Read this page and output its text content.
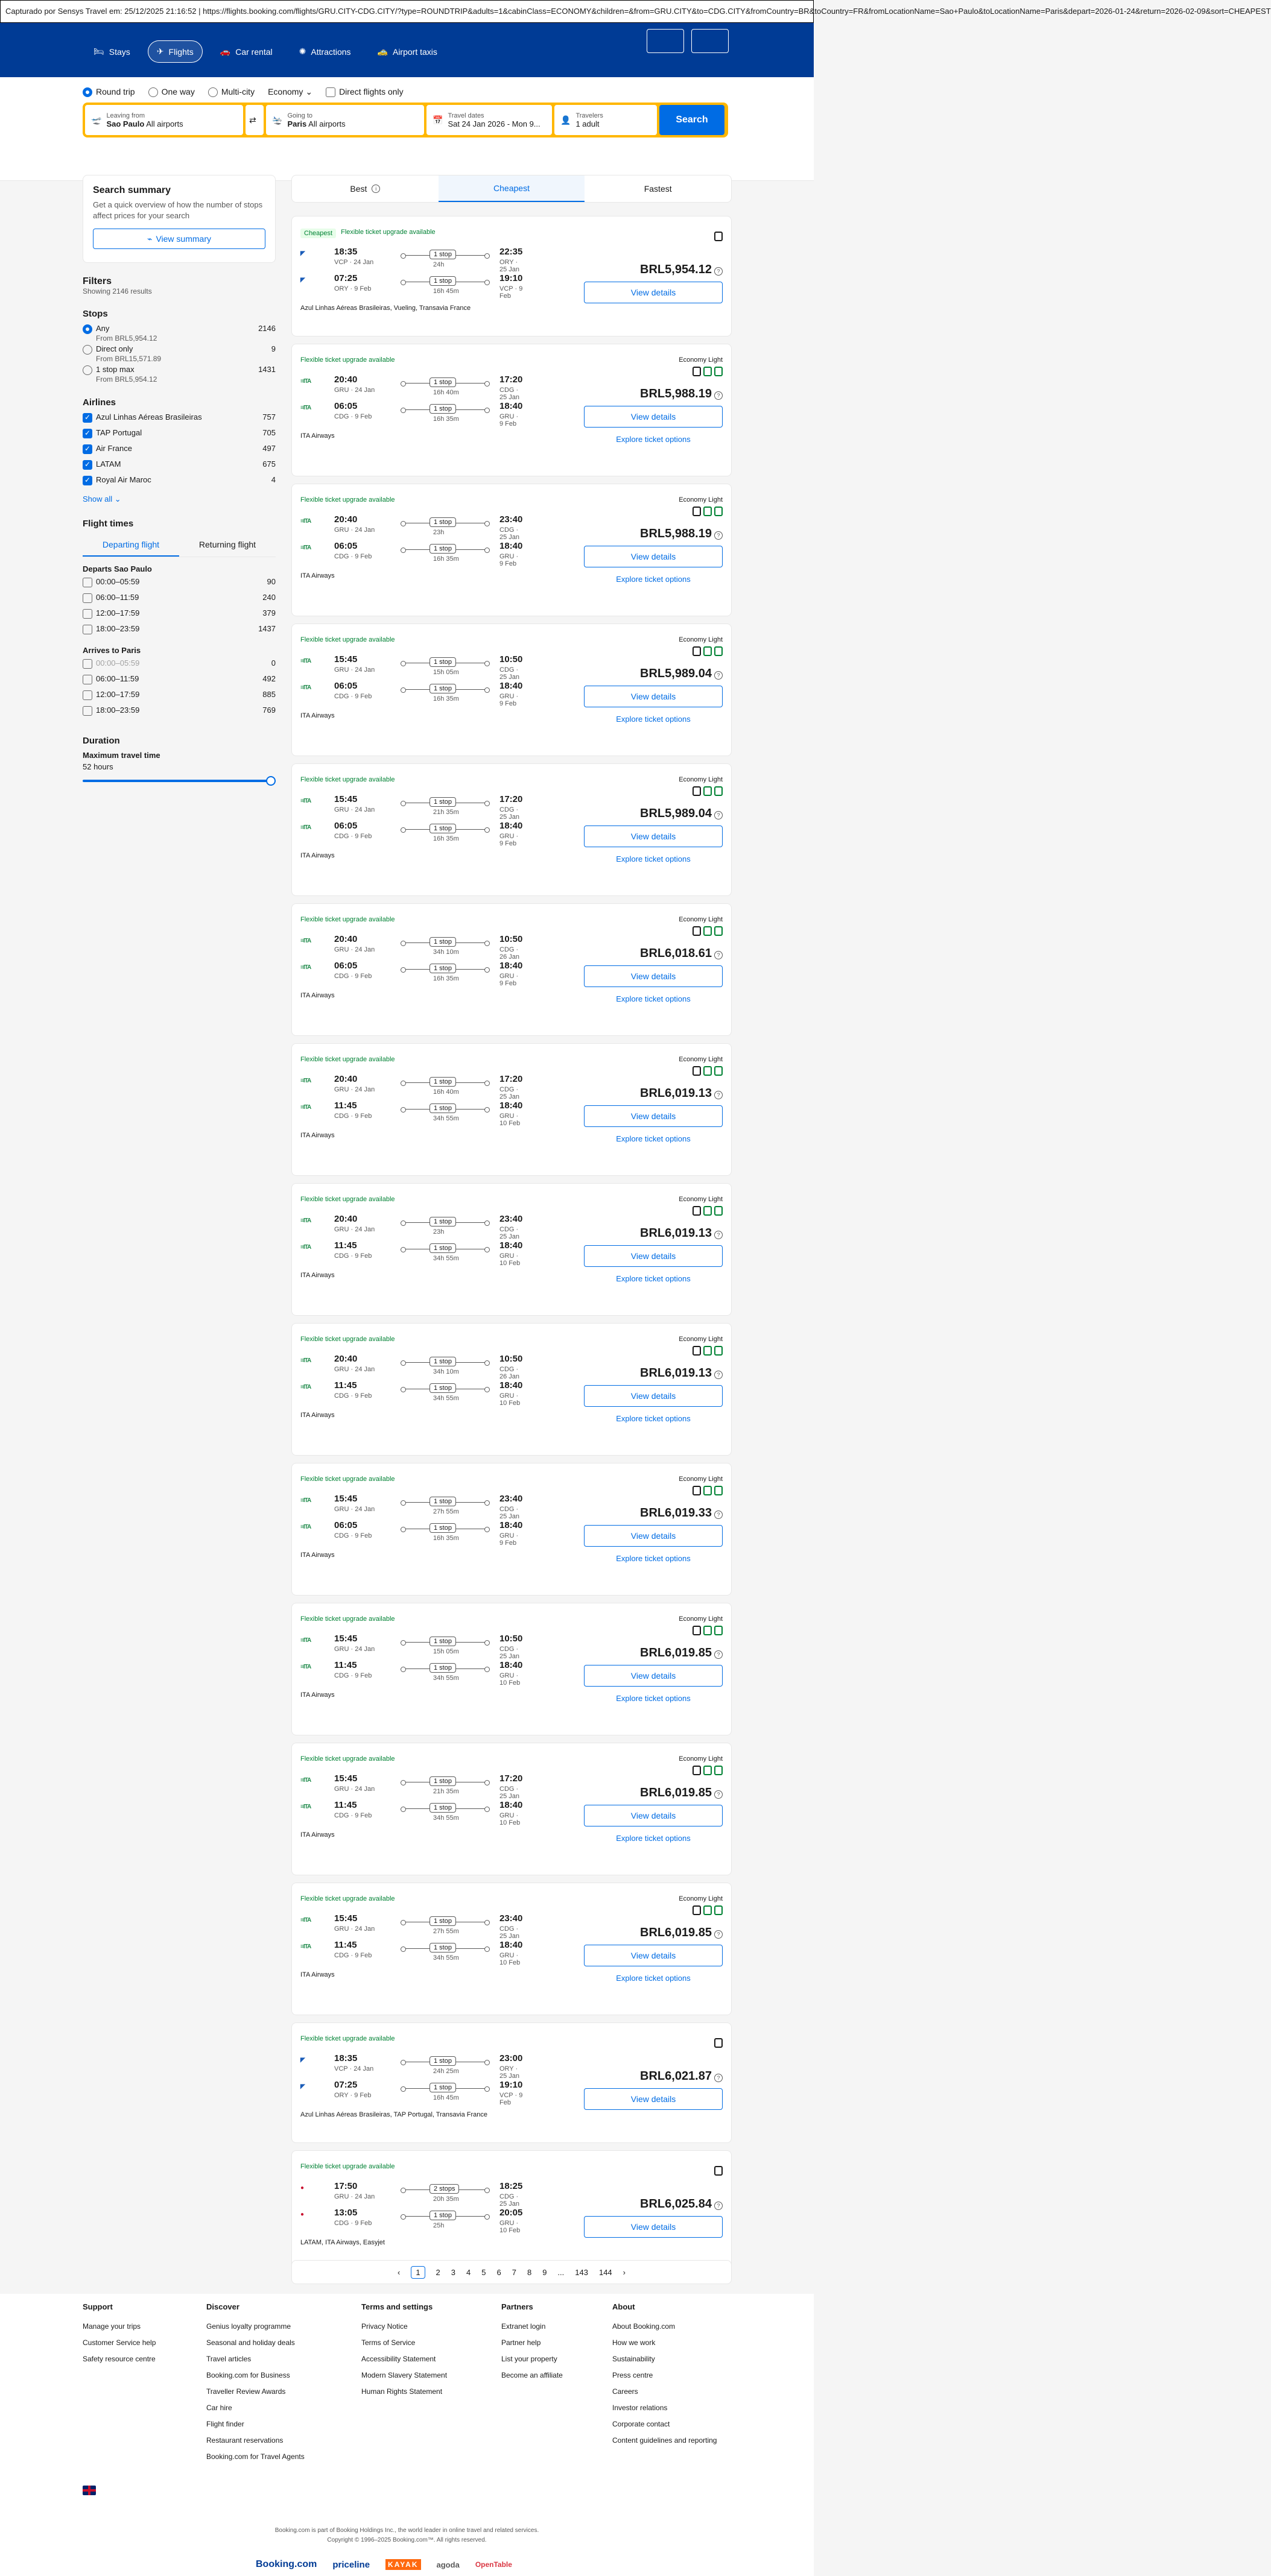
Capturado por Sensys Travel em: 25/12/2025 21:16:52 | https://flights.booking.com/flights/GRU.CITY-CDG.CITY/?type=ROUNDTRIP&adults=1&cabinClass=ECONOMY&children=&from=GRU.CITY&to=CDG.CITY&fromCountry=BR&toCountry=FR&fromLocationName=Sao+Paulo&toLocationName=Paris&depart=2026-01-24&return=2026-02-09&sort=CHEAPEST
🛏 Stays	✈ Flights	🚗 Car rental	✺ Attractions	🚕 Airport taxis
Round trip	One way	Multi-city Economy ⌄	Direct flights only
🛫 Leaving from
Sao Paulo All airports	⇄ 🛬 Going to
Paris All airports	📅 Travel dates
Sat 24 Jan 2026 - Mon 9... 👤 Travelers
1 adult	Search
Search summary

Get a quick overview of how the number of stops affect prices for your search

⌁ View summary
Filters
Showing 2146 results
Stops
Any
From BRL5,954.12
2146
Direct only
From BRL15,571.89
9
1 stop max
From BRL5,954.12
1431
Airlines
✓Azul Linhas Aéreas Brasileiras	757
✓TAP Portugal	705
✓Air France	497
✓LATAM	675
✓Royal Air Maroc	4
Show all ⌄
Flight times
Departing flight	Returning flight
Departs Sao Paulo
00:00–05:59	90
06:00–11:59	240
12:00–17:59	379
18:00–23:59	1437
Arrives to Paris
00:00–05:59	0
06:00–11:59	492
12:00–17:59	885
18:00–23:59	769
Duration
Maximum travel time
52 hours
Best
	i	Cheapest	Fastest
Cheapest	Flexible ticket upgrade available
◤	18:35
VCP · 24 Jan
1 stop
24h
22:35
ORY · 25 Jan
◤	07:25
ORY · 9 Feb
1 stop
16h 45m
19:10
VCP · 9 Feb
Azul Linhas Aéreas Brasileiras, Vueling, Transavia France
BRL5,954.12 ?
View details
Flexible ticket upgrade available
≡ITA	20:40
GRU · 24 Jan
1 stop
16h 40m
17:20
CDG · 25 Jan
≡ITA	06:05
CDG · 9 Feb
1 stop
16h 35m
18:40
GRU · 9 Feb
ITA Airways
Economy Light
BRL5,988.19 ?
View details
Explore ticket options
Flexible ticket upgrade available
≡ITA	20:40
GRU · 24 Jan
1 stop
23h
23:40
CDG · 25 Jan
≡ITA	06:05
CDG · 9 Feb
1 stop
16h 35m
18:40
GRU · 9 Feb
ITA Airways
Economy Light
BRL5,988.19 ?
View details
Explore ticket options
Flexible ticket upgrade available
≡ITA	15:45
GRU · 24 Jan
1 stop
15h 05m
10:50
CDG · 25 Jan
≡ITA	06:05
CDG · 9 Feb
1 stop
16h 35m
18:40
GRU · 9 Feb
ITA Airways
Economy Light
BRL5,989.04 ?
View details
Explore ticket options
Flexible ticket upgrade available
≡ITA	15:45
GRU · 24 Jan
1 stop
21h 35m
17:20
CDG · 25 Jan
≡ITA	06:05
CDG · 9 Feb
1 stop
16h 35m
18:40
GRU · 9 Feb
ITA Airways
Economy Light
BRL5,989.04 ?
View details
Explore ticket options
Flexible ticket upgrade available
≡ITA	20:40
GRU · 24 Jan
1 stop
34h 10m
10:50
CDG · 26 Jan
≡ITA	06:05
CDG · 9 Feb
1 stop
16h 35m
18:40
GRU · 9 Feb
ITA Airways
Economy Light
BRL6,018.61 ?
View details
Explore ticket options
Flexible ticket upgrade available
≡ITA	20:40
GRU · 24 Jan
1 stop
16h 40m
17:20
CDG · 25 Jan
≡ITA	11:45
CDG · 9 Feb
1 stop
34h 55m
18:40
GRU · 10 Feb
ITA Airways
Economy Light
BRL6,019.13 ?
View details
Explore ticket options
Flexible ticket upgrade available
≡ITA	20:40
GRU · 24 Jan
1 stop
23h
23:40
CDG · 25 Jan
≡ITA	11:45
CDG · 9 Feb
1 stop
34h 55m
18:40
GRU · 10 Feb
ITA Airways
Economy Light
BRL6,019.13 ?
View details
Explore ticket options
Flexible ticket upgrade available
≡ITA	20:40
GRU · 24 Jan
1 stop
34h 10m
10:50
CDG · 26 Jan
≡ITA	11:45
CDG · 9 Feb
1 stop
34h 55m
18:40
GRU · 10 Feb
ITA Airways
Economy Light
BRL6,019.13 ?
View details
Explore ticket options
Flexible ticket upgrade available
≡ITA	15:45
GRU · 24 Jan
1 stop
27h 55m
23:40
CDG · 25 Jan
≡ITA	06:05
CDG · 9 Feb
1 stop
16h 35m
18:40
GRU · 9 Feb
ITA Airways
Economy Light
BRL6,019.33 ?
View details
Explore ticket options
Flexible ticket upgrade available
≡ITA	15:45
GRU · 24 Jan
1 stop
15h 05m
10:50
CDG · 25 Jan
≡ITA	11:45
CDG · 9 Feb
1 stop
34h 55m
18:40
GRU · 10 Feb
ITA Airways
Economy Light
BRL6,019.85 ?
View details
Explore ticket options
Flexible ticket upgrade available
≡ITA	15:45
GRU · 24 Jan
1 stop
21h 35m
17:20
CDG · 25 Jan
≡ITA	11:45
CDG · 9 Feb
1 stop
34h 55m
18:40
GRU · 10 Feb
ITA Airways
Economy Light
BRL6,019.85 ?
View details
Explore ticket options
Flexible ticket upgrade available
≡ITA	15:45
GRU · 24 Jan
1 stop
27h 55m
23:40
CDG · 25 Jan
≡ITA	11:45
CDG · 9 Feb
1 stop
34h 55m
18:40
GRU · 10 Feb
ITA Airways
Economy Light
BRL6,019.85 ?
View details
Explore ticket options
Flexible ticket upgrade available
◤	18:35
VCP · 24 Jan
1 stop
24h 25m
23:00
ORY · 25 Jan
◤	07:25
ORY · 9 Feb
1 stop
16h 45m
19:10
VCP · 9 Feb
Azul Linhas Aéreas Brasileiras, TAP Portugal, Transavia France
BRL6,021.87 ?
View details
Flexible ticket upgrade available
●	17:50
GRU · 24 Jan
2 stops
20h 35m
18:25
CDG · 25 Jan
●	13:05
CDG · 9 Feb
1 stop
25h
20:05
GRU · 10 Feb
LATAM, ITA Airways, Easyjet
BRL6,025.84 ?
View details
‹	1	2 3 4 5 6 7 8 9 ... 143 144 ›
Support
Manage your trips
Customer Service help
Safety resource centre
Discover
Genius loyalty programme
Seasonal and holiday deals
Travel articles
Booking.com for Business
Traveller Review Awards
Car hire
Flight finder
Restaurant reservations
Booking.com for Travel Agents
Terms and settings
Privacy Notice
Terms of Service
Accessibility Statement
Modern Slavery Statement
Human Rights Statement
Partners
Extranet login
Partner help
List your property
Become an affiliate
About
About Booking.com
How we work
Sustainability
Press centre
Careers
Investor relations
Corporate contact
Content guidelines and reporting
Booking.com is part of Booking Holdings Inc., the world leader in online travel and related services.
Copyright © 1996–2025 Booking.com™. All rights reserved.
Booking.com priceline	KAYAK	agoda OpenTable
